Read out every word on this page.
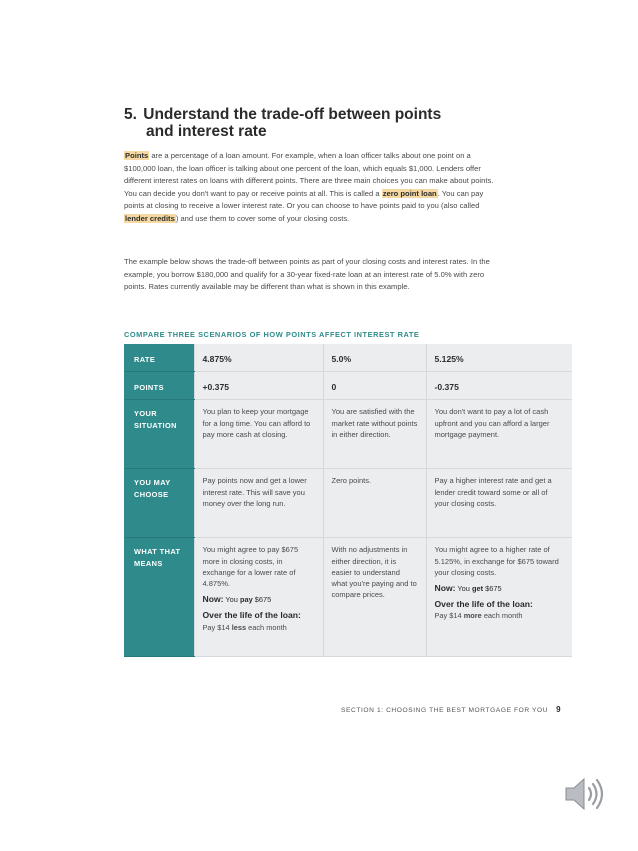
5. Understand the trade-off between points
and interest rate
Points are a percentage of a loan amount. For example, when a loan officer talks about one point on a $100,000 loan, the loan officer is talking about one percent of the loan, which equals $1,000. Lenders offer different interest rates on loans with different points. There are three main choices you can make about points. You can decide you don't want to pay or receive points at all. This is called a zero point loan. You can pay points at closing to receive a lower interest rate. Or you can choose to have points paid to you (also called lender credits) and use them to cover some of your closing costs.
The example below shows the trade-off between points as part of your closing costs and interest rates. In the example, you borrow $180,000 and qualify for a 30-year fixed-rate loan at an interest rate of 5.0% with zero points. Rates currently available may be different than what is shown in this example.
COMPARE THREE SCENARIOS OF HOW POINTS AFFECT INTEREST RATE
RATE	4.875%	5.0%	5.125%
POINTS	+0.375	0	-0.375
YOUR SITUATION	You plan to keep your mortgage for a long time. You can afford to pay more cash at closing.	You are satisfied with the market rate without points in either direction.	You don't want to pay a lot of cash upfront and you can afford a larger mortgage payment.
YOU MAY CHOOSE	Pay points now and get a lower interest rate. This will save you money over the long run.	Zero points.	Pay a higher interest rate and get a lender credit toward some or all of your closing costs.
WHAT THAT MEANS	You might agree to pay $675 more in closing costs, in exchange for a lower rate of 4.875%.
Now: You pay $675
Over the life of the loan:
Pay $14 less each month	With no adjustments in either direction, it is easier to understand what you're paying and to compare prices.	You might agree to a higher rate of 5.125%, in exchange for $675 toward your closing costs.
Now: You get $675
Over the life of the loan:
Pay $14 more each month
SECTION 1: CHOOSING THE BEST MORTGAGE FOR YOU 9
